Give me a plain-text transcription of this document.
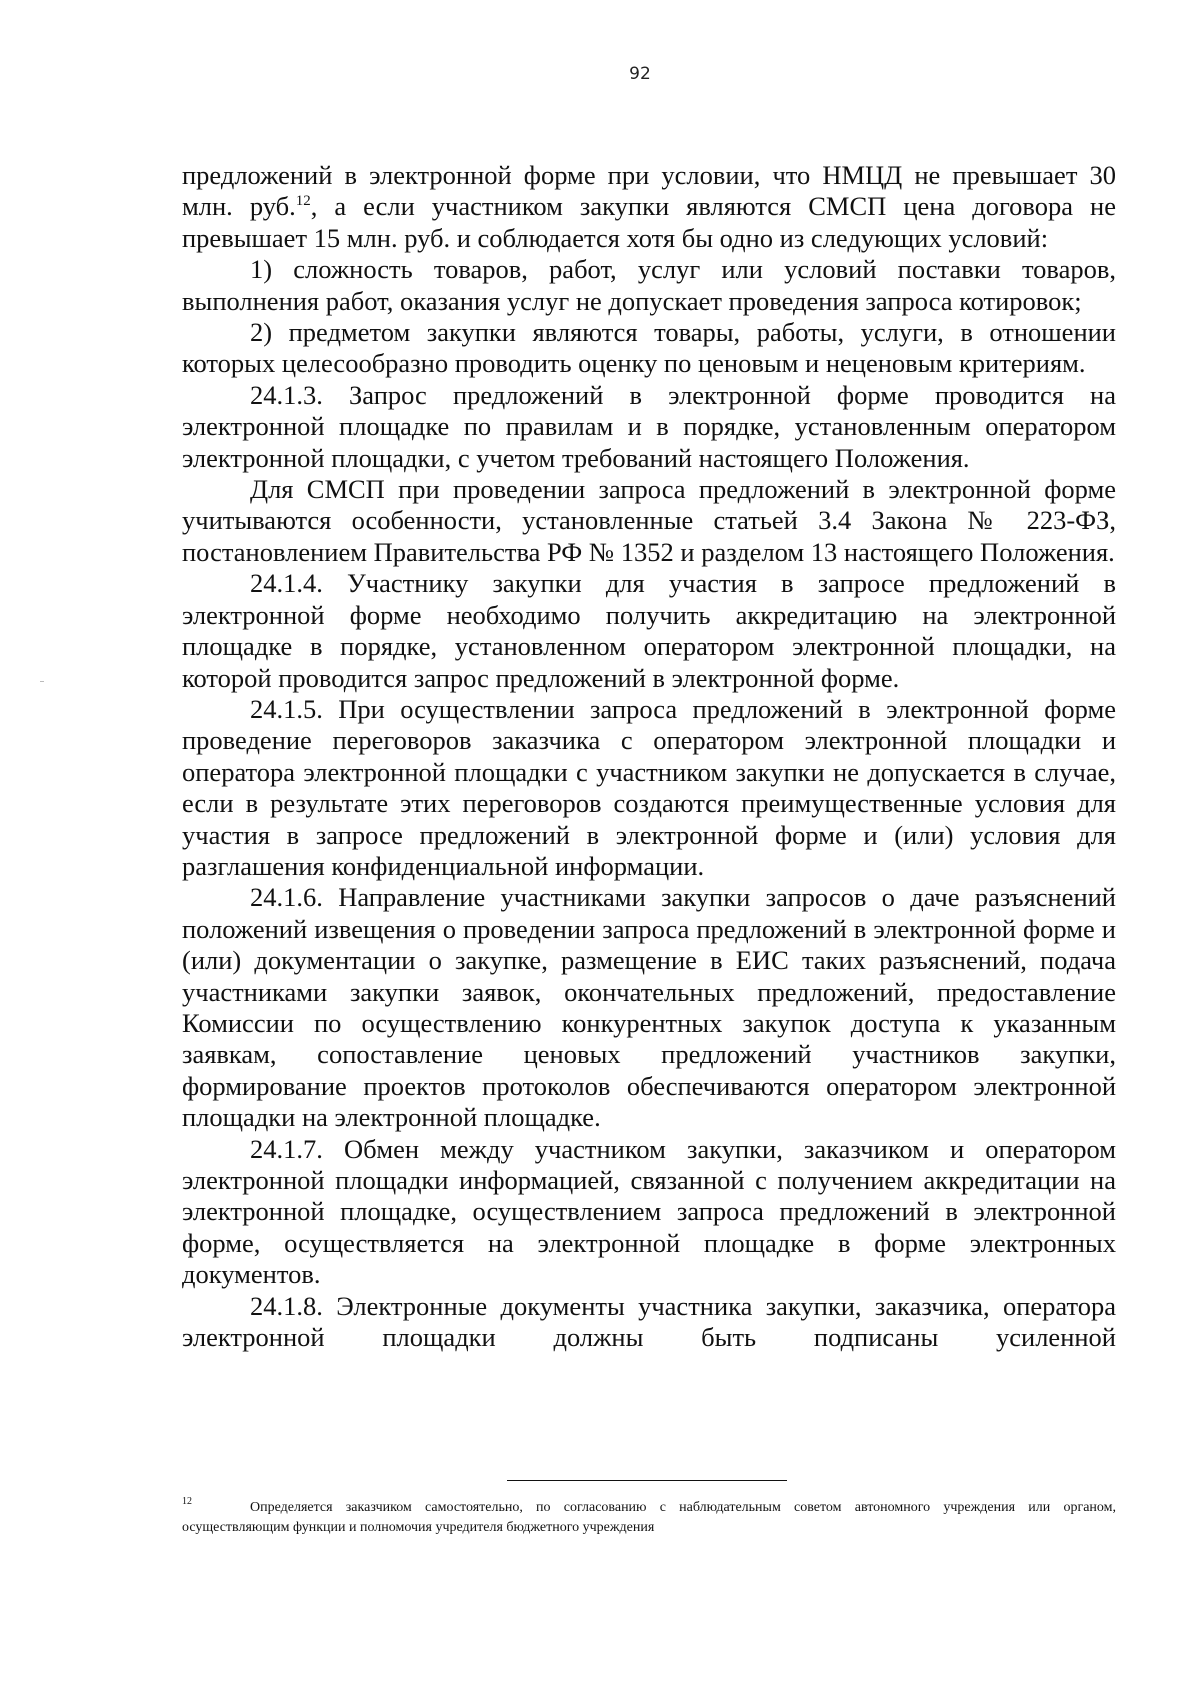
92

предложений в электронной форме при условии, что НМЦД не превышает 30 млн. руб.$^{12}$, а если участником закупки являются СМСП цена договора не превышает 15 млн. руб. и соблюдается хотя бы одно из следующих условий:

1) сложность товаров, работ, услуг или условий поставки товаров, выполнения работ, оказания услуг не допускает проведения запроса котировок;

2) предметом закупки являются товары, работы, услуги, в отношении которых целесообразно проводить оценку по ценовым и неценовым критериям.

24.1.3. Запрос предложений в электронной форме проводится на электронной площадке по правилам и в порядке, установленным оператором электронной площадки, с учетом требований настоящего Положения.

Для СМСП при проведении запроса предложений в электронной форме учитываются особенности, установленные статьей 3.4 Закона № 223-ФЗ, постановлением Правительства РФ № 1352 и разделом 13 настоящего Положения.

24.1.4. Участнику закупки для участия в запросе предложений в электронной форме необходимо получить аккредитацию на электронной площадке в порядке, установленном оператором электронной площадки, на которой проводится запрос предложений в электронной форме.

24.1.5. При осуществлении запроса предложений в электронной форме проведение переговоров заказчика с оператором электронной площадки и оператора электронной площадки с участником закупки не допускается в случае, если в результате этих переговоров создаются преимущественные условия для участия в запросе предложений в электронной форме и (или) условия для разглашения конфиденциальной информации.

24.1.6. Направление участниками закупки запросов о даче разъяснений положений извещения о проведении запроса предложений в электронной форме и (или) документации о закупке, размещение в ЕИС таких разъяснений, подача участниками закупки заявок, окончательных предложений, предоставление Комиссии по осуществлению конкурентных закупок доступа к указанным заявкам, сопоставление ценовых предложений участников закупки, формирование проектов протоколов обеспечиваются оператором электронной площадки на электронной площадке.

24.1.7. Обмен между участником закупки, заказчиком и оператором электронной площадки информацией, связанной с получением аккредитации на электронной площадке, осуществлением запроса предложений в электронной форме, осуществляется на электронной площадке в форме электронных документов.

24.1.8. Электронные документы участника закупки, заказчика, оператора электронной площадки должны быть подписаны усиленной

12	Определяется заказчиком самостоятельно, по согласованию с наблюдательным советом автономного учреждения или органом, осуществляющим функции и полномочия учредителя бюджетного учреждения
